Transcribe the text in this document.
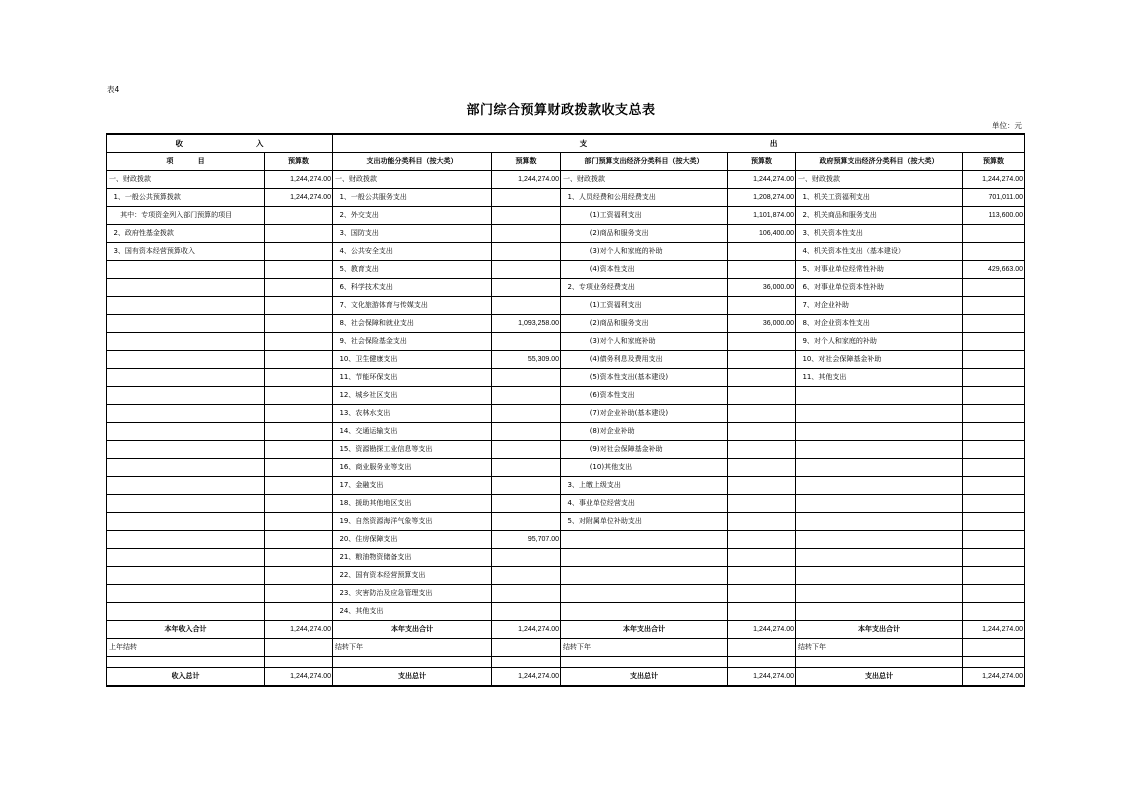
表4
部门综合预算财政拨款收支总表
单位：元
收                            入		支                                                                      出					
项          目	预算数	支出功能分类科目（按大类）	预算数	部门预算支出经济分类科目（按大类）	预算数	政府预算支出经济分类科目（按大类）	预算数
一、财政拨款	1,244,274.00	一、财政拨款	1,244,274.00	一、财政拨款	1,244,274.00	一、财政拨款	1,244,274.00
1、一般公共预算拨款	1,244,274.00	1、一般公共服务支出		1、人员经费和公用经费支出	1,208,274.00	1、机关工资福利支出	701,011.00
其中：专项资金列入部门预算的项目		2、外交支出		(1)工资福利支出	1,101,874.00	2、机关商品和服务支出	113,600.00
2、政府性基金拨款		3、国防支出		(2)商品和服务支出	106,400.00	3、机关资本性支出	
3、国有资本经营预算收入		4、公共安全支出		(3)对个人和家庭的补助		4、机关资本性支出（基本建设）	
		5、教育支出		(4)资本性支出		5、对事业单位经常性补助	429,663.00
		6、科学技术支出		2、专项业务经费支出	36,000.00	6、对事业单位资本性补助	
		7、文化旅游体育与传媒支出		(1)工资福利支出		7、对企业补助	
		8、社会保障和就业支出	1,093,258.00	(2)商品和服务支出	36,000.00	8、对企业资本性支出	
		9、社会保险基金支出		(3)对个人和家庭补助		9、对个人和家庭的补助	
		10、卫生健康支出	55,309.00	(4)债务利息及费用支出		10、对社会保障基金补助	
		11、节能环保支出		(5)资本性支出(基本建设)		11、其他支出	
		12、城乡社区支出		(6)资本性支出			
		13、农林水支出		(7)对企业补助(基本建设)			
		14、交通运输支出		(8)对企业补助			
		15、资源勘探工业信息等支出		(9)对社会保障基金补助			
		16、商业服务业等支出		(10)其他支出			
		17、金融支出		3、上缴上级支出			
		18、援助其他地区支出		4、事业单位经营支出			
		19、自然资源海洋气象等支出		5、对附属单位补助支出			
		20、住房保障支出	95,707.00				
		21、粮油物资储备支出					
		22、国有资本经营预算支出					
		23、灾害防治及应急管理支出					
		24、其他支出					
本年收入合计	1,244,274.00	本年支出合计	1,244,274.00	本年支出合计	1,244,274.00	本年支出合计	1,244,274.00
上年结转		结转下年		结转下年		结转下年	

收入总计	1,244,274.00	支出总计	1,244,274.00	支出总计	1,244,274.00	支出总计	1,244,274.00
